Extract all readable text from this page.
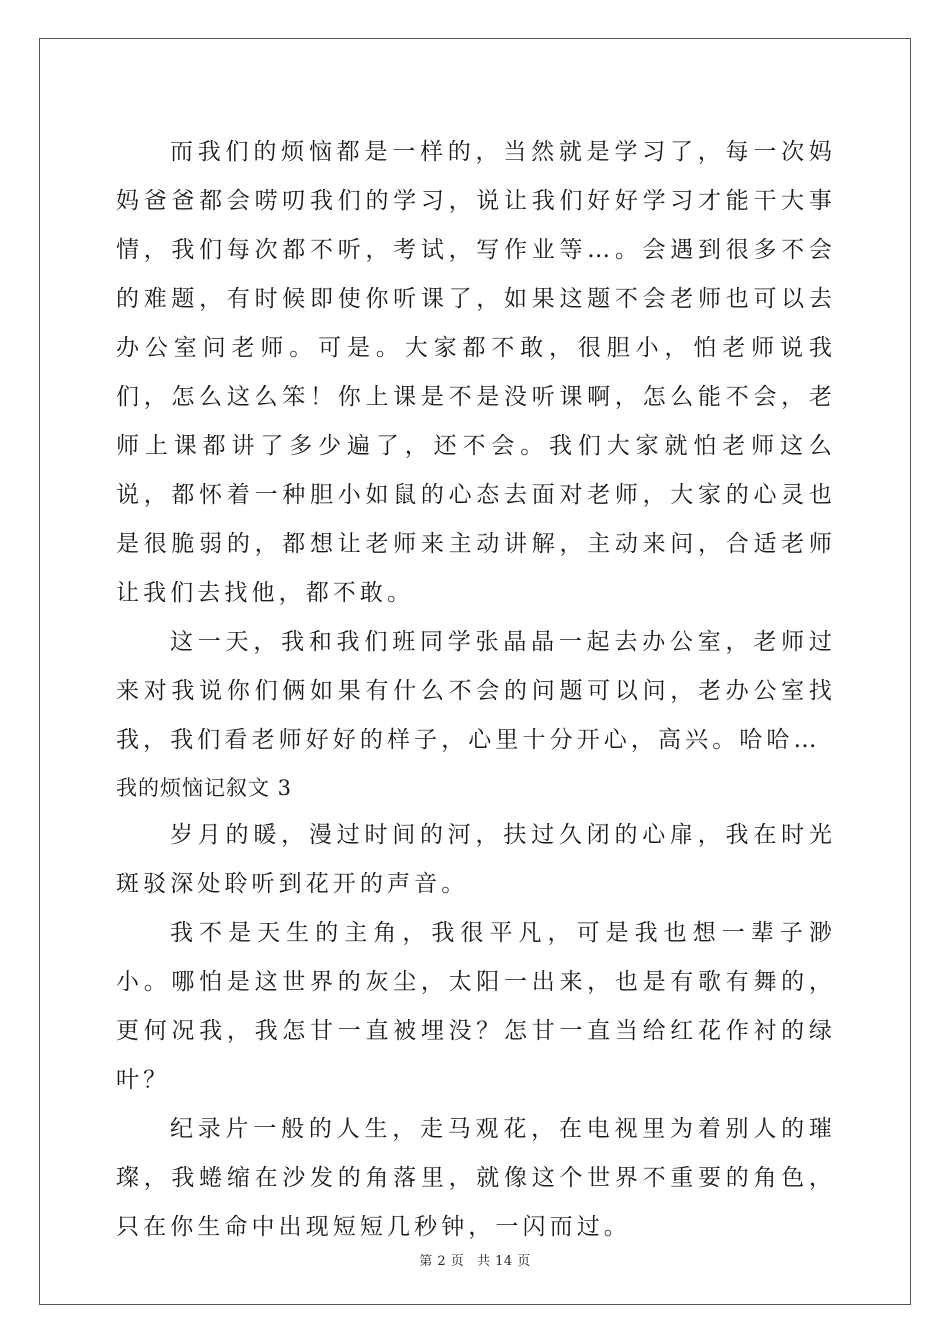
而我们的烦恼都是一样的，当然就是学习了，每一次妈妈爸爸都会唠叨我们的学习，说让我们好好学习才能干大事情，我们每次都不听，考试，写作业等…。会遇到很多不会的难题，有时候即使你听课了，如果这题不会老师也可以去办公室问老师。可是。大家都不敢，很胆小，怕老师说我们，怎么这么笨！你上课是不是没听课啊，怎么能不会，老师上课都讲了多少遍了，还不会。我们大家就怕老师这么说，都怀着一种胆小如鼠的心态去面对老师，大家的心灵也是很脆弱的，都想让老师来主动讲解，主动来问，合适老师让我们去找他，都不敢。

这一天，我和我们班同学张晶晶一起去办公室，老师过来对我说你们俩如果有什么不会的问题可以问，老办公室找我，我们看老师好好的样子，心里十分开心，高兴。哈哈…

我的烦恼记叙文 3

岁月的暖，漫过时间的河，扶过久闭的心扉，我在时光斑驳深处聆听到花开的声音。

我不是天生的主角，我很平凡，可是我也想一辈子渺小。哪怕是这世界的灰尘，太阳一出来，也是有歌有舞的，更何况我，我怎甘一直被埋没？怎甘一直当给红花作衬的绿叶？

纪录片一般的人生，走马观花，在电视里为着别人的璀璨，我蜷缩在沙发的角落里，就像这个世界不重要的角色，只在你生命中出现短短几秒钟，一闪而过。

第 2 页 共 14 页
